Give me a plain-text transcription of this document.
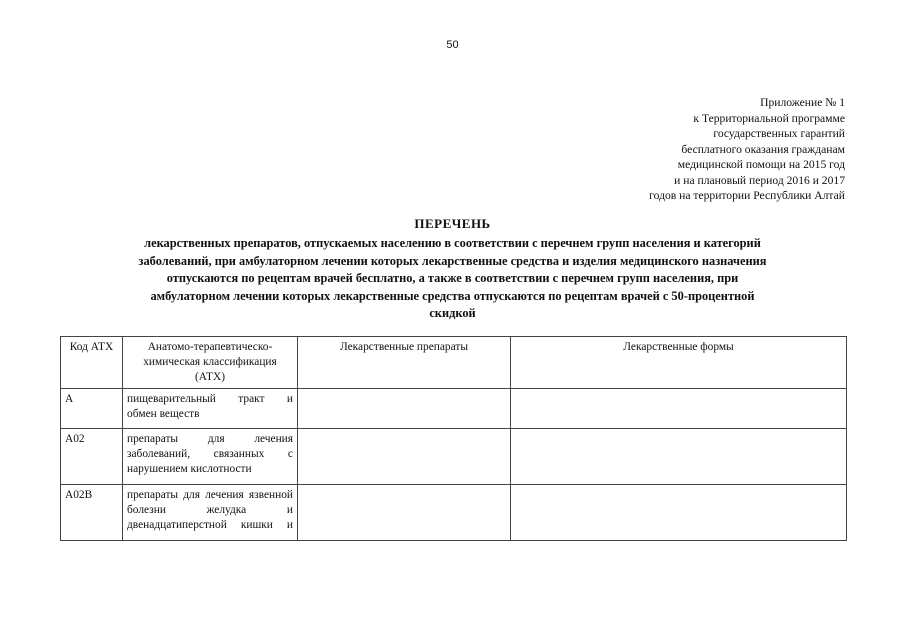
50
Приложение № 1
к Территориальной программе
государственных гарантий
бесплатного оказания гражданам
медицинской помощи на 2015 год
и на плановый период 2016 и 2017
годов на территории Республики Алтай
ПЕРЕЧЕНЬ
лекарственных препаратов, отпускаемых населению в соответствии с перечнем групп населения и категорий
заболеваний, при амбулаторном лечении которых лекарственные средства и изделия медицинского назначения
отпускаются по рецептам врачей бесплатно, а также в соответствии с перечнем групп населения, при
амбулаторном лечении которых лекарственные средства отпускаются по рецептам врачей с 50-процентной
скидкой
Код АТХ	Анатомо-терапевтическо-
химическая классификация
(АТХ)	Лекарственные препараты	Лекарственные формы
А	пищеварительный тракт и
обмен веществ		

А02	препараты для лечения заболеваний, связанных с
нарушением кислотности		

А02В	препараты для лечения язвенной болезни желудка и двенадцатиперстной кишки и		
